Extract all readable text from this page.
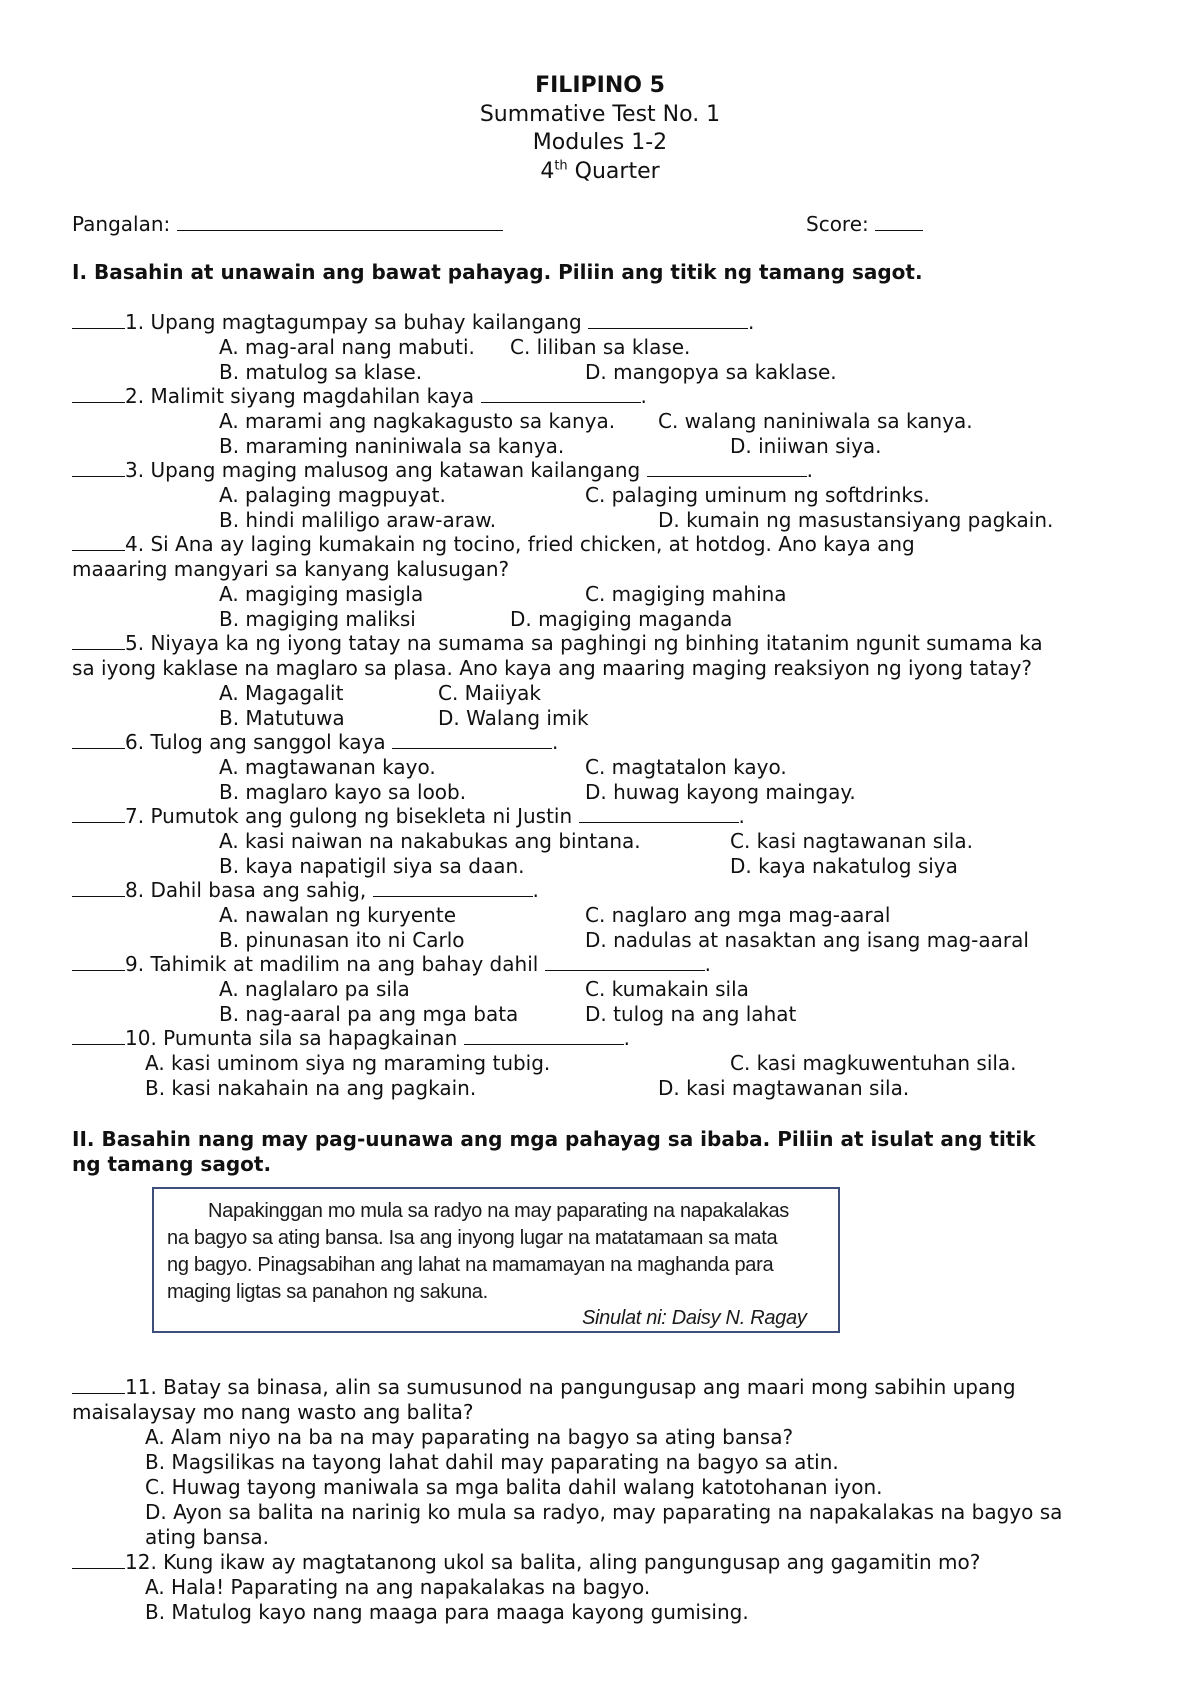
FILIPINO 5
Summative Test No. 1
Modules 1-2
4th Quarter
Pangalan:	Score:
I. Basahin at unawain ang bawat pahayag. Piliin ang titik ng tamang sagot.
1. Upang magtagumpay sa buhay kailangang	.
A. mag-aral nang mabuti. C. liliban sa klase.
B. matulog sa klase.	D. mangopya sa kaklase.
2. Malimit siyang magdahilan kaya	.
A. marami ang nagkakagusto sa kanya. C. walang naniniwala sa kanya.
B. maraming naniniwala sa kanya.	D. iniiwan siya.
3. Upang maging malusog ang katawan kailangang	.
A. palaging magpuyat.	C. palaging uminum ng softdrinks.
B. hindi maliligo araw-araw.	D. kumain ng masustansiyang pagkain.
4. Si Ana ay laging kumakain ng tocino, fried chicken, at hotdog. Ano kaya ang
maaaring mangyari sa kanyang kalusugan?
A. magiging masigla	C. magiging mahina
B. magiging maliksi	D. magiging maganda
5. Niyaya ka ng iyong tatay na sumama sa paghingi ng binhing itatanim ngunit sumama ka
sa iyong kaklase na maglaro sa plasa. Ano kaya ang maaring maging reaksiyon ng iyong tatay?
A. Magagalit	C. Maiiyak
B. Matutuwa	D. Walang imik
6. Tulog ang sanggol kaya	.
A. magtawanan kayo.	C. magtatalon kayo.
B. maglaro kayo sa loob.	D. huwag kayong maingay.
7. Pumutok ang gulong ng bisekleta ni Justin	.
A. kasi naiwan na nakabukas ang bintana.	C. kasi nagtawanan sila.
B. kaya napatigil siya sa daan.	D. kaya nakatulog siya
8. Dahil basa ang sahig,	.
A. nawalan ng kuryente	C. naglaro ang mga mag-aaral
B. pinunasan ito ni Carlo	D. nadulas at nasaktan ang isang mag-aaral
9. Tahimik at madilim na ang bahay dahil	.
A. naglalaro pa sila	C. kumakain sila
B. nag-aaral pa ang mga bata	D. tulog na ang lahat
10. Pumunta sila sa hapagkainan	.
A. kasi uminom siya ng maraming tubig.	C. kasi magkuwentuhan sila.
B. kasi nakahain na ang pagkain.	D. kasi magtawanan sila.
II. Basahin nang may pag-uunawa ang mga pahayag sa ibaba. Piliin at isulat ang titik
ng tamang sagot.
Napakinggan mo mula sa radyo na may paparating na napakalakas
na bagyo sa ating bansa. Isa ang inyong lugar na matatamaan sa mata
ng bagyo. Pinagsabihan ang lahat na mamamayan na maghanda para
maging ligtas sa panahon ng sakuna.
Sinulat ni: Daisy N. Ragay
11. Batay sa binasa, alin sa sumusunod na pangungusap ang maari mong sabihin upang
maisalaysay mo nang wasto ang balita?
A. Alam niyo na ba na may paparating na bagyo sa ating bansa?
B. Magsilikas na tayong lahat dahil may paparating na bagyo sa atin.
C. Huwag tayong maniwala sa mga balita dahil walang katotohanan iyon.
D. Ayon sa balita na narinig ko mula sa radyo, may paparating na napakalakas na bagyo sa
ating bansa.
12. Kung ikaw ay magtatanong ukol sa balita, aling pangungusap ang gagamitin mo?
A. Hala! Paparating na ang napakalakas na bagyo.
B. Matulog kayo nang maaga para maaga kayong gumising.
